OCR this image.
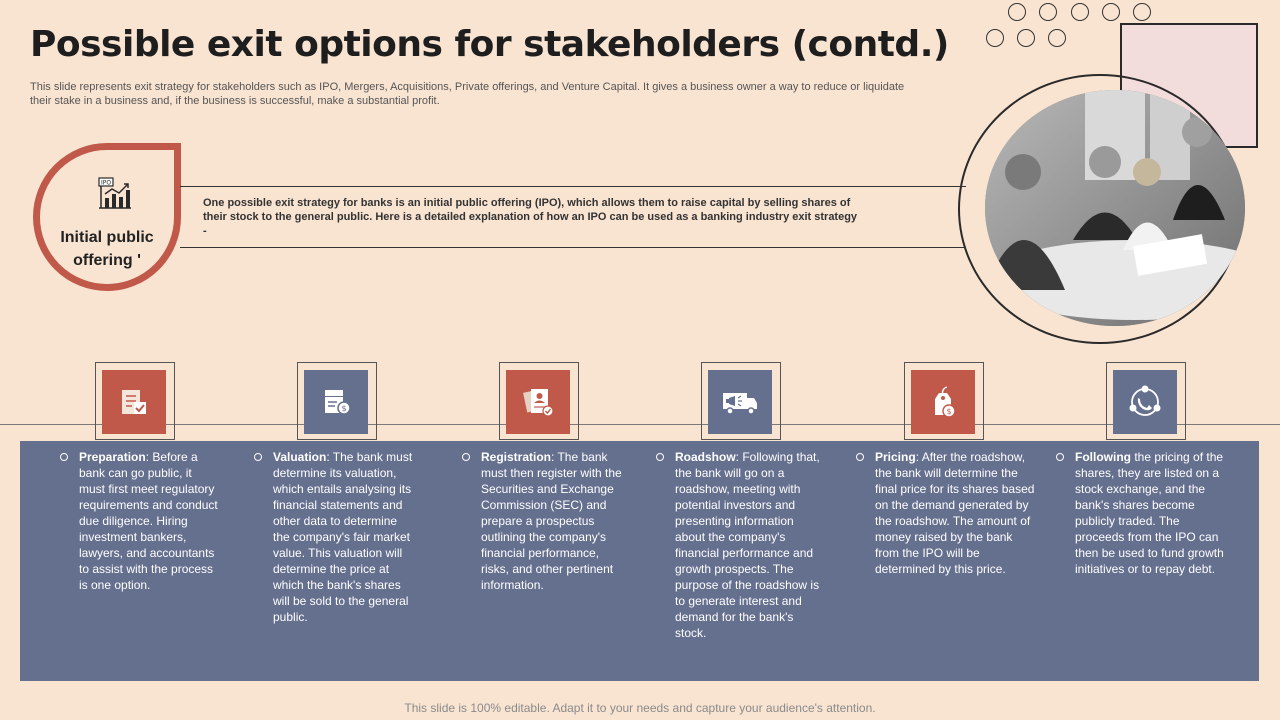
Possible exit options for stakeholders (contd.)
This slide represents exit strategy for stakeholders such as IPO, Mergers, Acquisitions, Private offerings, and Venture Capital. It gives a business owner a way to reduce or liquidate their stake in a business and, if the business is successful, make a substantial profit.
IPO
Initial public offering '
One possible exit strategy for banks is an initial public offering (IPO), which allows them to raise capital by selling shares of their stock to the general public. Here is a detailed explanation of how an IPO can be used as a banking industry exit strategy -
$	$
Preparation: Before a bank can go public, it must first meet regulatory requirements and conduct due diligence. Hiring investment bankers, lawyers, and accountants to assist with the process is one option.
Valuation: The bank must determine its valuation, which entails analysing its financial statements and other data to determine the company's fair market value. This valuation will determine the price at which the bank's shares will be sold to the general public.
Registration: The bank must then register with the Securities and Exchange Commission (SEC) and prepare a prospectus outlining the company's financial performance, risks, and other pertinent information.
Roadshow: Following that, the bank will go on a roadshow, meeting with potential investors and presenting information about the company's financial performance and growth prospects. The purpose of the roadshow is to generate interest and demand for the bank's stock.
Pricing: After the roadshow, the bank will determine the final price for its shares based on the demand generated by the roadshow. The amount of money raised by the bank from the IPO will be determined by this price.
Following the pricing of the shares, they are listed on a stock exchange, and the bank's shares become publicly traded. The proceeds from the IPO can then be used to fund growth initiatives or to repay debt.
This slide is 100% editable. Adapt it to your needs and capture your audience's attention.
